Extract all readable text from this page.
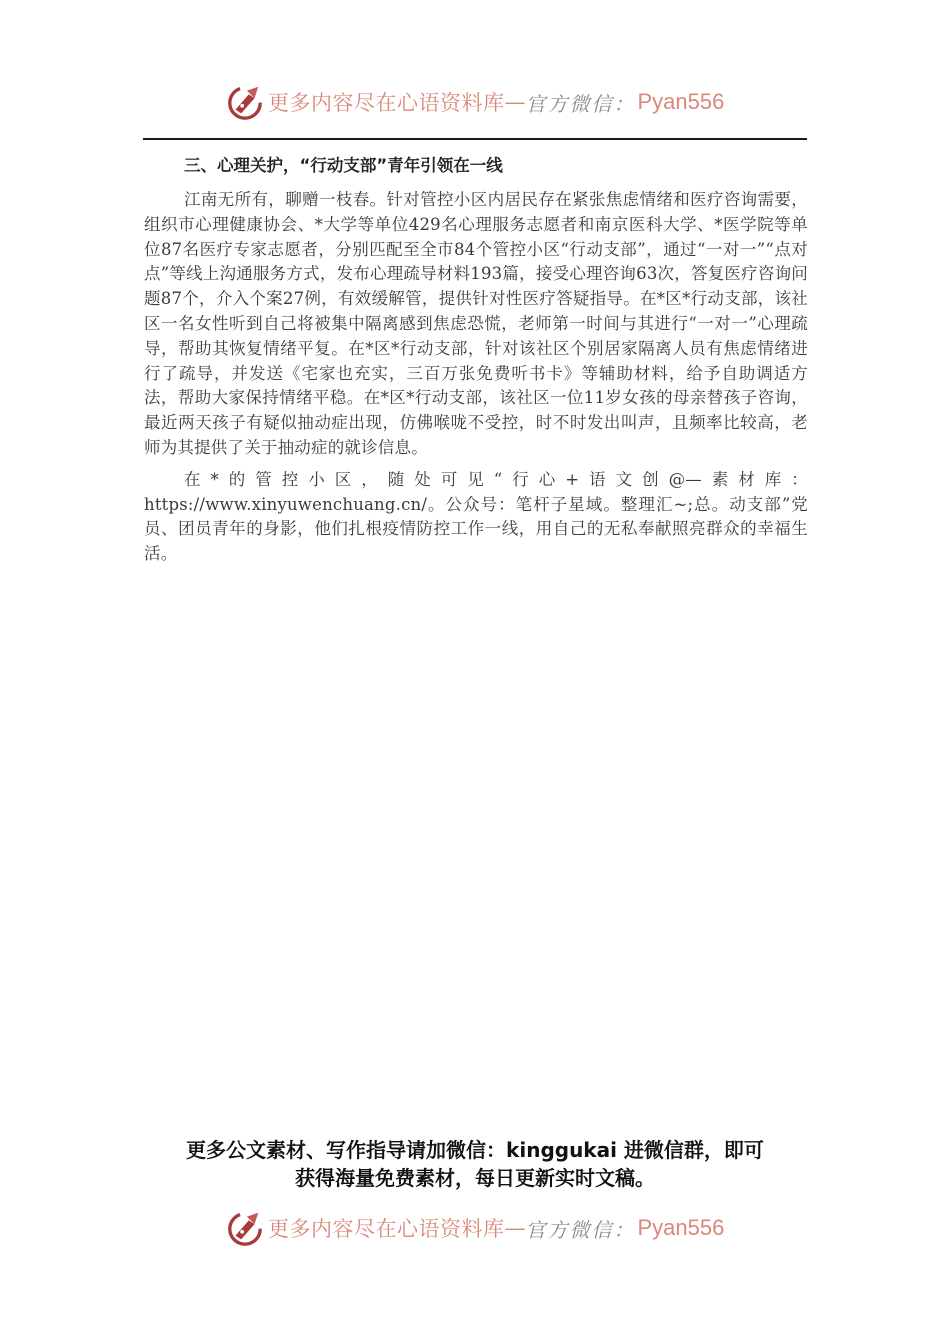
更多内容尽在心语资料库 — 官方微信： Pyan556
三、心理关护，“行动支部”青年引领在一线

江南无所有，聊赠一枝春。针对管控小区内居民存在紧张焦虑情绪和医疗咨询需要，组织市心理健康协会、*大学等单位429名心理服务志愿者和南京医科大学、*医学院等单位87名医疗专家志愿者，分别匹配至全市84个管控小区“行动支部”，通过“一对一”“点对点”等线上沟通服务方式，发布心理疏导材料193篇，接受心理咨询63次，答复医疗咨询问题87个，介入个案27例，有效缓解管，提供针对性医疗答疑指导。在*区*行动支部，该社区一名女性听到自己将被集中隔离感到焦虑恐慌，老师第一时间与其进行“一对一”心理疏导，帮助其恢复情绪平复。在*区*行动支部，针对该社区个别居家隔离人员有焦虑情绪进行了疏导，并发送《宅家也充实，三百万张免费听书卡》等辅助材料，给予自助调适方法，帮助大家保持情绪平稳。在*区*行动支部，该社区一位11岁女孩的母亲替孩子咨询，最近两天孩子有疑似抽动症出现，仿佛喉咙不受控，时不时发出叫声，且频率比较高，老师为其提供了关于抽动症的就诊信息。

在*的管控小区，随处可见“行心+语文创@—素材库：https://www.xinyuwenchuang.cn/。公众号：笔杆子星域。整理汇~;总。动支部”党员、团员青年的身影，他们扎根疫情防控工作一线，用自己的无私奉献照亮群众的幸福生活。

更多公文素材、写作指导请加微信：kinggukai 进微信群，即可
获得海量免费素材，每日更新实时文稿。
更多内容尽在心语资料库 — 官方微信： Pyan556
